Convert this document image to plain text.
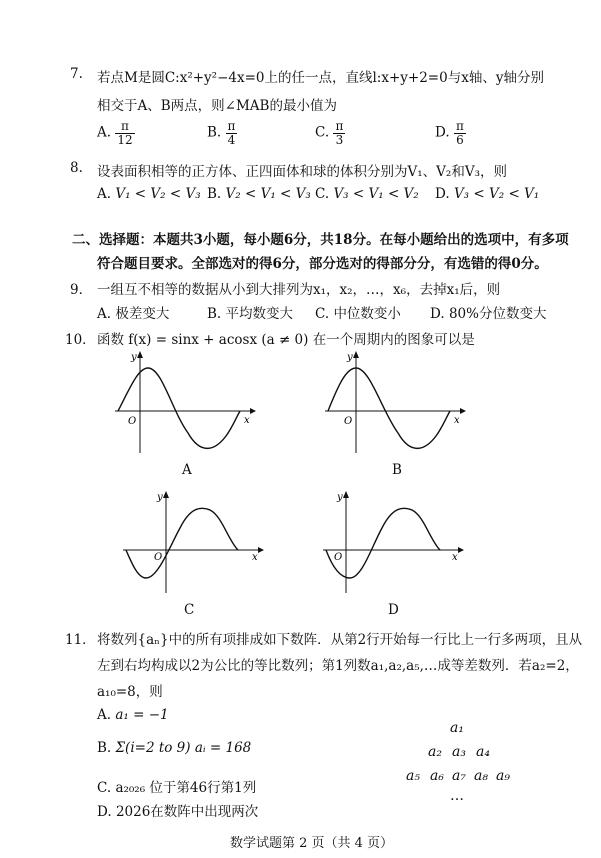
7. 若点M是圆C:x²+y²−4x=0上的任一点，直线l:x+y+2=0与x轴、y轴分别
相交于A、B两点，则∠MAB的最小值为
A. $\frac{\pi}{12}$	B. $\frac{\pi}{4}$	C. $\frac{\pi}{3}$	D. $\frac{\pi}{6}$
8. 设表面积相等的正方体、正四面体和球的体积分别为V₁、V₂和V₃，则
A. V₁ < V₂ < V₃ B. V₂ < V₁ < V₃ C. V₃ < V₁ < V₂ D. V₃ < V₂ < V₁
二、选择题：本题共3小题，每小题6分，共18分。在每小题给出的选项中，有多项
符合题目要求。全部选对的得6分，部分选对的得部分分，有选错的得0分。
9． 一组互不相等的数据从小到大排列为x₁，x₂，…，x₆，去掉x₁后，则
A. 极差变大	B. 平均数变大 C. 中位数变小 D. 80%分位数变大
10． 函数 f(x) = sinx + acosx (a ≠ 0) 在一个周期内的图象可以是
x
y
O
A
x
y
O
B
x
y
O
C
x
y
O
D
11． 将数列{aₙ}中的所有项排成如下数阵．从第2行开始每一行比上一行多两项，且从
左到右均构成以2为公比的等比数列；第1列数a₁,a₂,a₅,…成等差数列．若a₂=2，
a₁₀=8，则
A. a₁ = −1
B. Σ(i=2 to 9) aᵢ = 168
C. a₂₀₂₆ 位于第46行第1列
D. 2026在数阵中出现两次
a₁
a₂ a₃ a₄
a₅ a₆ a₇ a₈ a₉
…
数学试题第 2 页（共 4 页）
